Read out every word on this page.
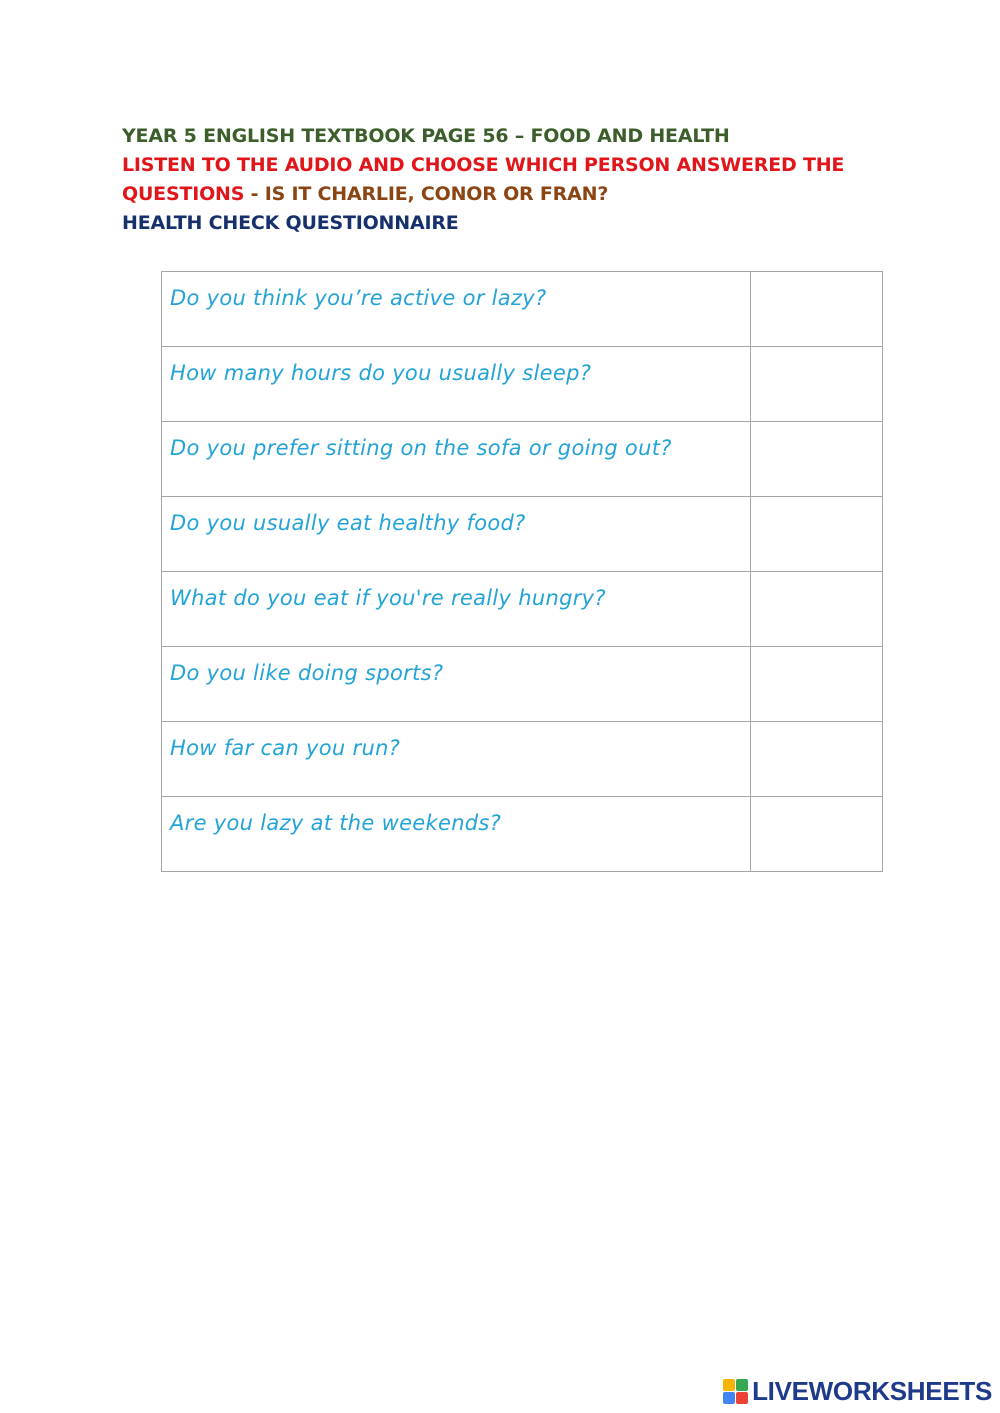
YEAR 5 ENGLISH TEXTBOOK PAGE 56 – FOOD AND HEALTH
LISTEN TO THE AUDIO AND CHOOSE WHICH PERSON ANSWERED THE
QUESTIONS - IS IT CHARLIE, CONOR OR FRAN?
HEALTH CHECK QUESTIONNAIRE
Do you think you’re active or lazy?	
How many hours do you usually sleep?	
Do you prefer sitting on the sofa or going out?	
Do you usually eat healthy food?	
What do you eat if you're really hungry?	
Do you like doing sports?	
How far can you run?	
Are you lazy at the weekends?	
LIVEWORKSHEETS
